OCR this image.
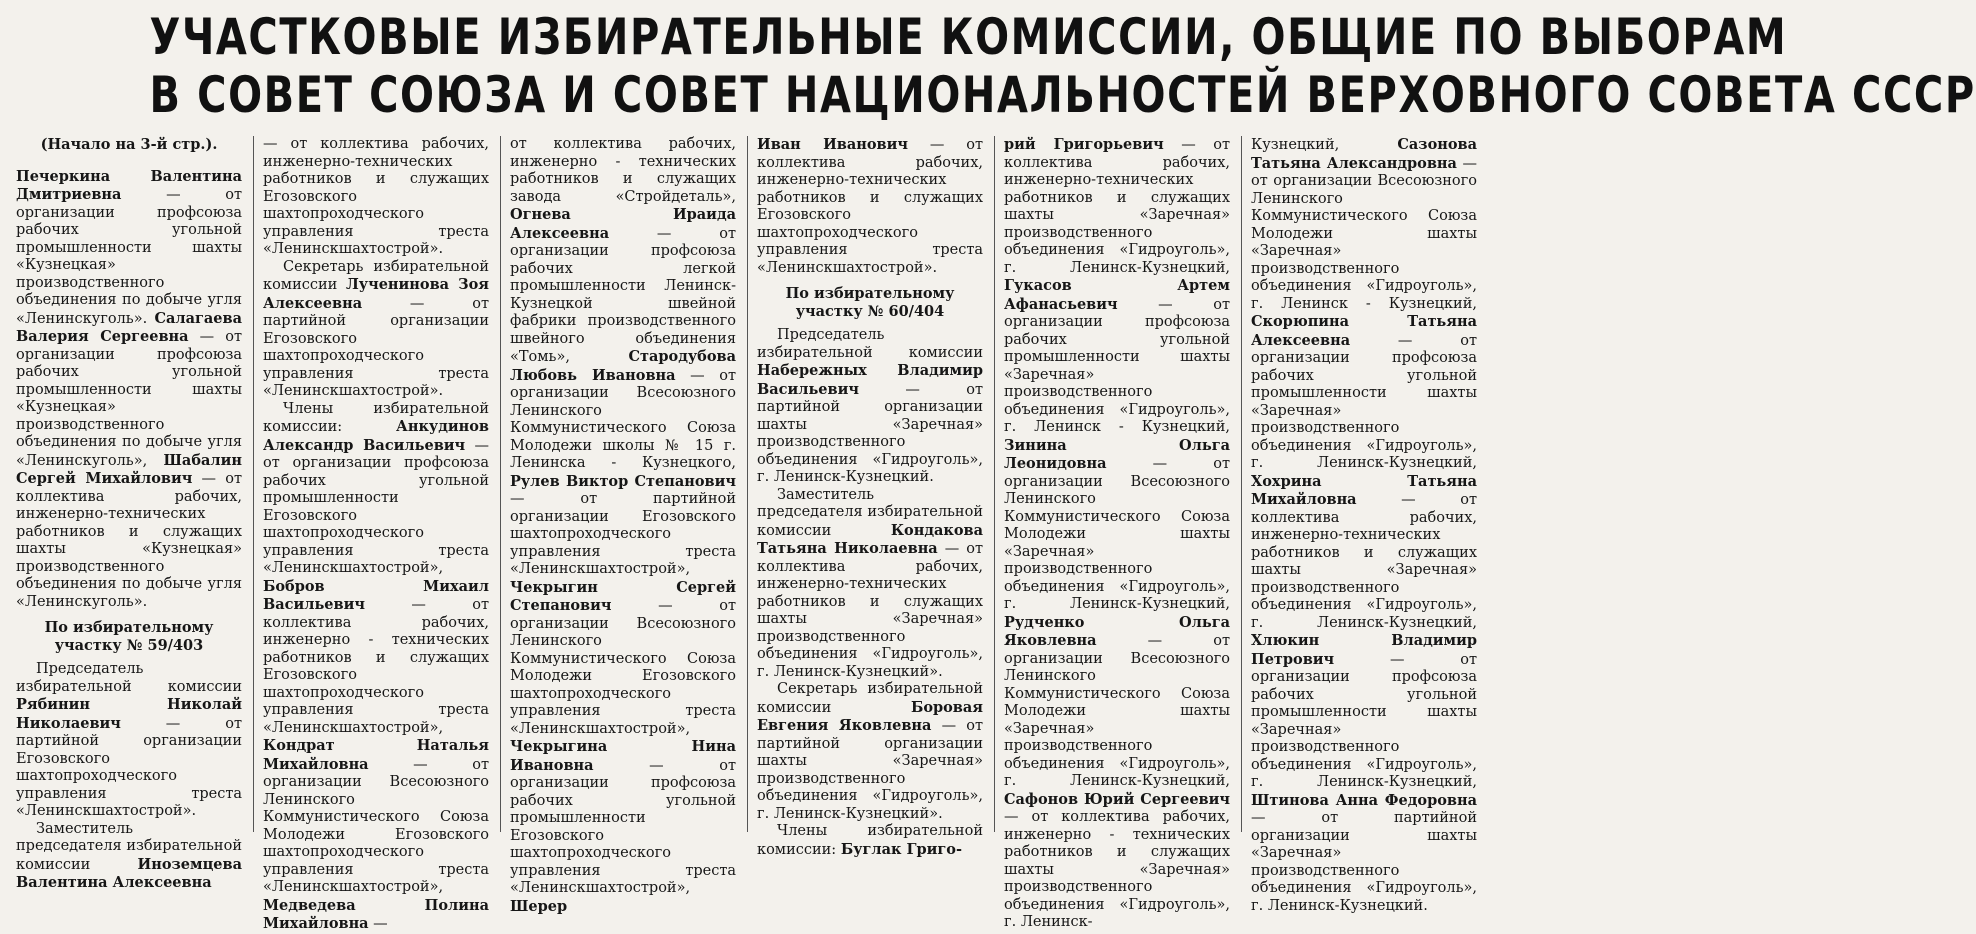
УЧАСТКОВЫЕ ИЗБИРАТЕЛЬНЫЕ КОМИССИИ, ОБЩИЕ ПО ВЫБОРАМ
В СОВЕТ СОЮЗА И СОВЕТ НАЦИОНАЛЬНОСТЕЙ ВЕРХОВНОГО СОВЕТА СССР

(Начало на 3-й стр.).

Печеркина Валентина Дмитриевна — от организации профсоюза рабочих угольной промышленности шахты «Кузнецкая» производственного объединения по добыче угля «Ленинскуголь». Салагаева Валерия Сергеевна — от организации профсоюза рабочих угольной промышленности шахты «Кузнецкая» производственного объединения по добыче угля «Ленинскуголь», Шабалин Сергей Михайлович — от коллектива рабочих, инженерно-технических работников и служащих шахты «Кузнецкая» производственного объединения по добыче угля «Ленинскуголь».

По избирательному участку № 59/403

Председатель избирательной комиссии Рябинин Николай Николаевич — от партийной организации Егозовского шахтопроходческого управления треста «Ленинскшахтострой».

Заместитель председателя избирательной комиссии Иноземцева Валентина Алексеевна

— от коллектива рабочих, инженерно-технических работников и служащих Егозовского шахтопроходческого управления треста «Ленинскшахтострой».

Секретарь избирательной комиссии Лученинова Зоя Алексеевна — от партийной организации Егозовского шахтопроходческого управления треста «Ленинскшахтострой».

Члены избирательной комиссии: Анкудинов Александр Васильевич — от организации профсоюза рабочих угольной промышленности Егозовского шахтопроходческого управления треста «Ленинскшахтострой», Бобров Михаил Васильевич — от коллектива рабочих, инженерно - технических работников и служащих Егозовского шахтопроходческого управления треста «Ленинскшахтострой», Кондрат Наталья Михайловна — от организации Всесоюзного Ленинского Коммунистического Союза Молодежи Егозовского шахтопроходческого управления треста «Ленинскшахтострой», Медведева Полина Михайловна —

от коллектива рабочих, инженерно - технических работников и служащих завода «Стройдеталь», Огнева Ираида Алексеевна — от организации профсоюза рабочих легкой промышленности Ленинск-Кузнецкой швейной фабрики производственного швейного объединения «Томь», Стародубова Любовь Ивановна — от организации Всесоюзного Ленинского Коммунистического Союза Молодежи школы № 15 г. Ленинска - Кузнецкого, Рулев Виктор Степанович — от партийной организации Егозовского шахтопроходческого управления треста «Ленинскшахтострой», Чекрыгин Сергей Степанович — от организации Всесоюзного Ленинского Коммунистического Союза Молодежи Егозовского шахтопроходческого управления треста «Ленинскшахтострой», Чекрыгина Нина Ивановна — от организации профсоюза рабочих угольной промышленности Егозовского шахтопроходческого управления треста «Ленинскшахтострой», Шерер

Иван Иванович — от коллектива рабочих, инженерно-технических работников и служащих Егозовского шахтопроходческого управления треста «Ленинскшахтострой».

По избирательному участку № 60/404

Председатель избирательной комиссии Набережных Владимир Васильевич — от партийной организации шахты «Заречная» производственного объединения «Гидроуголь», г. Ленинск-Кузнецкий.

Заместитель председателя избирательной комиссии Кондакова Татьяна Николаевна — от коллектива рабочих, инженерно-технических работников и служащих шахты «Заречная» производственного объединения «Гидроуголь», г. Ленинск-Кузнецкий».

Секретарь избирательной комиссии Боровая Евгения Яковлевна — от партийной организации шахты «Заречная» производственного объединения «Гидроуголь», г. Ленинск-Кузнецкий».

Члены избирательной комиссии: Буглак Григо-

рий Григорьевич — от коллектива рабочих, инженерно-технических работников и служащих шахты «Заречная» производственного объединения «Гидроуголь», г. Ленинск-Кузнецкий, Гукасов Артем Афанасьевич — от организации профсоюза рабочих угольной промышленности шахты «Заречная» производственного объединения «Гидроуголь», г. Ленинск - Кузнецкий, Зинина Ольга Леонидовна — от организации Всесоюзного Ленинского Коммунистического Союза Молодежи шахты «Заречная» производственного объединения «Гидроуголь», г. Ленинск-Кузнецкий, Рудченко Ольга Яковлевна — от организации Всесоюзного Ленинского Коммунистического Союза Молодежи шахты «Заречная» производственного объединения «Гидроуголь», г. Ленинск-Кузнецкий, Сафонов Юрий Сергеевич — от коллектива рабочих, инженерно - технических работников и служащих шахты «Заречная» производственного объединения «Гидроуголь», г. Ленинск-

Кузнецкий, Сазонова Татьяна Александровна — от организации Всесоюзного Ленинского Коммунистического Союза Молодежи шахты «Заречная» производственного объединения «Гидроуголь», г. Ленинск - Кузнецкий, Скорюпина Татьяна Алексеевна — от организации профсоюза рабочих угольной промышленности шахты «Заречная» производственного объединения «Гидроуголь», г. Ленинск-Кузнецкий, Хохрина Татьяна Михайловна — от коллектива рабочих, инженерно-технических работников и служащих шахты «Заречная» производственного объединения «Гидроуголь», г. Ленинск-Кузнецкий, Хлюкин Владимир Петрович — от организации профсоюза рабочих угольной промышленности шахты «Заречная» производственного объединения «Гидроуголь», г. Ленинск-Кузнецкий, Штинова Анна Федоровна — от партийной организации шахты «Заречная» производственного объединения «Гидроуголь», г. Ленинск-Кузнецкий.
